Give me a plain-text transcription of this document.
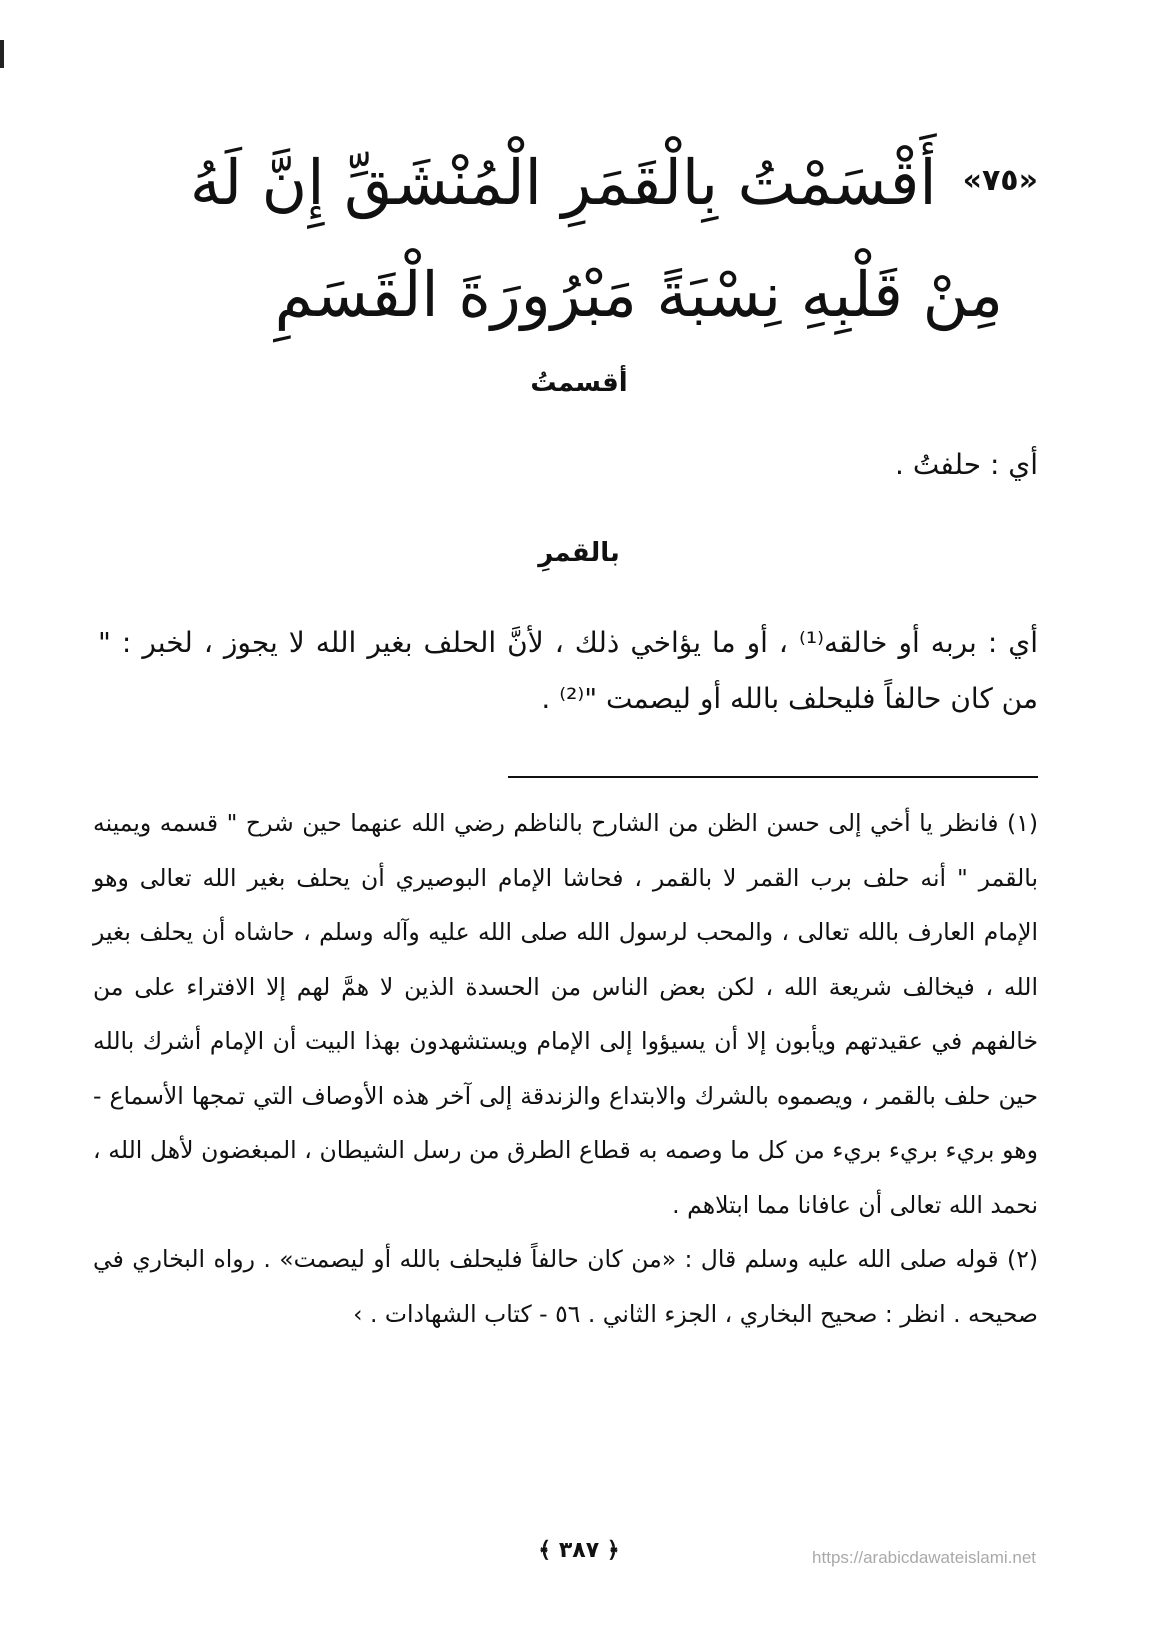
$^{«٧٥»}$أَقْسَمْتُ بِالْقَمَرِ الْمُنْشَقِّ إِنَّ لَهُ
مِنْ قَلْبِهِ نِسْبَةً مَبْرُورَةَ الْقَسَمِ
أقسمتُ
أي : حلفتُ .
بالقمرِ
أي : بربه أو خالقه⁽¹⁾ ، أو ما يؤاخي ذلك ، لأنَّ الحلف بغير الله لا يجوز ، لخبر : " من كان حالفاً فليحلف بالله أو ليصمت "⁽²⁾ .

(١) فانظر يا أخي إلى حسن الظن من الشارح بالناظم رضي الله عنهما حين شرح " قسمه ويمينه بالقمر " أنه حلف برب القمر لا بالقمر ، فحاشا الإمام البوصيري أن يحلف بغير الله تعالى وهو الإمام العارف بالله تعالى ، والمحب لرسول الله صلى الله عليه وآله وسلم ، حاشاه أن يحلف بغير الله ، فيخالف شريعة الله ، لكن بعض الناس من الحسدة الذين لا همَّ لهم إلا الافتراء على من خالفهم في عقيدتهم ويأبون إلا أن يسيؤوا إلى الإمام ويستشهدون بهذا البيت أن الإمام أشرك بالله حين حلف بالقمر ، ويصموه بالشرك والابتداع والزندقة إلى آخر هذه الأوصاف التي تمجها الأسماع - وهو بريء بريء بريء من كل ما وصمه به قطاع الطرق من رسل الشيطان ، المبغضون لأهل الله ، نحمد الله تعالى أن عافانا مما ابتلاهم .

(٢) قوله صلى الله عليه وسلم قال : «من كان حالفاً فليحلف بالله أو ليصمت» . رواه البخاري في صحيحه . انظر : صحيح البخاري ، الجزء الثاني . ٥٦ - كتاب الشهادات . ›

﴿ ٣٨٧ ﴾	https://arabicdawateislami.net
